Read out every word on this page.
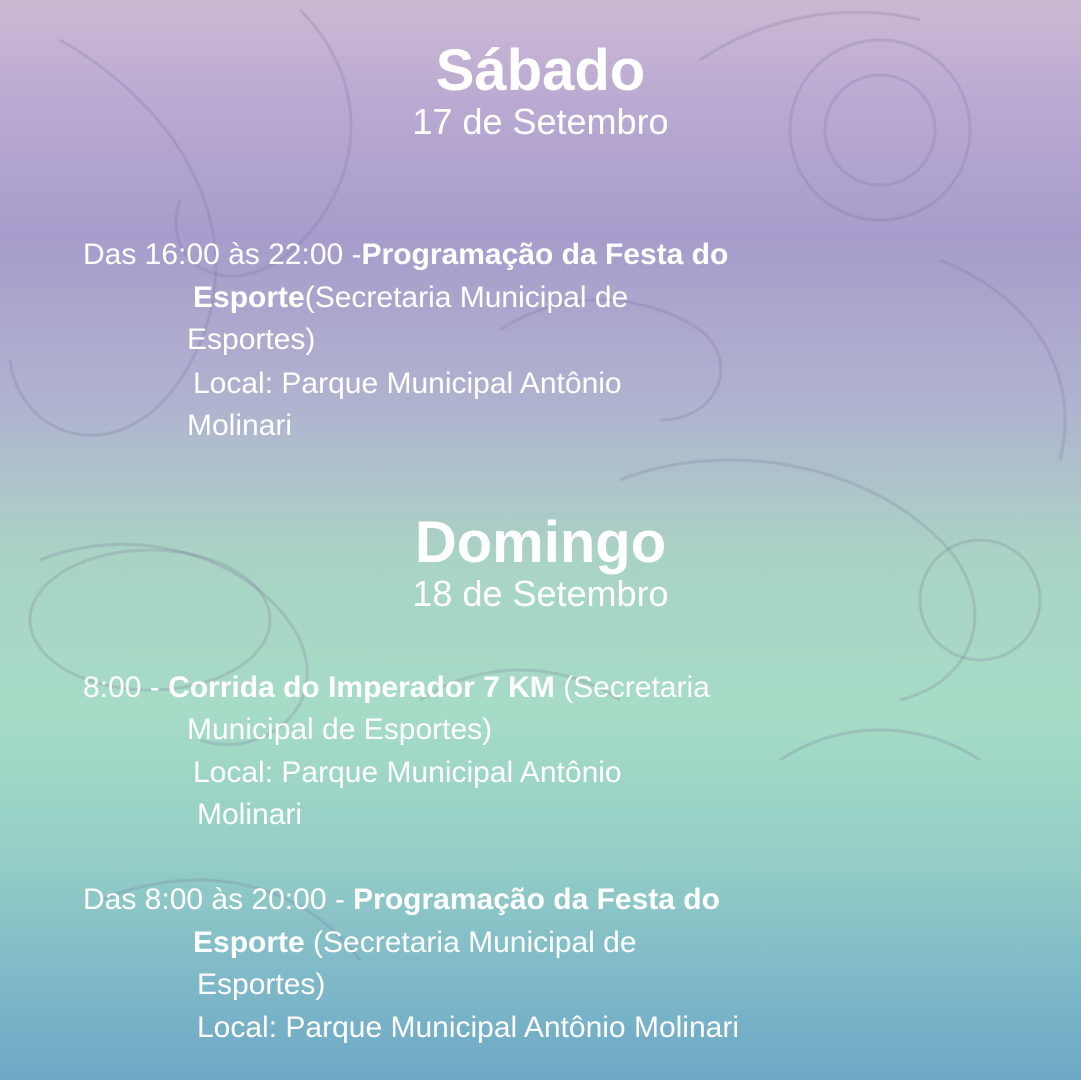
Sábado
17 de Setembro
Das 16:00 às 22:00 -Programação da Festa do
Esporte(Secretaria Municipal de
Esportes)
Local: Parque Municipal Antônio
Molinari
Domingo
18 de Setembro
8:00 - Corrida do Imperador 7 KM (Secretaria
Municipal de Esportes)
Local: Parque Municipal Antônio
Molinari
Das 8:00 às 20:00 - Programação da Festa do
Esporte (Secretaria Municipal de
Esportes)
Local: Parque Municipal Antônio Molinari
